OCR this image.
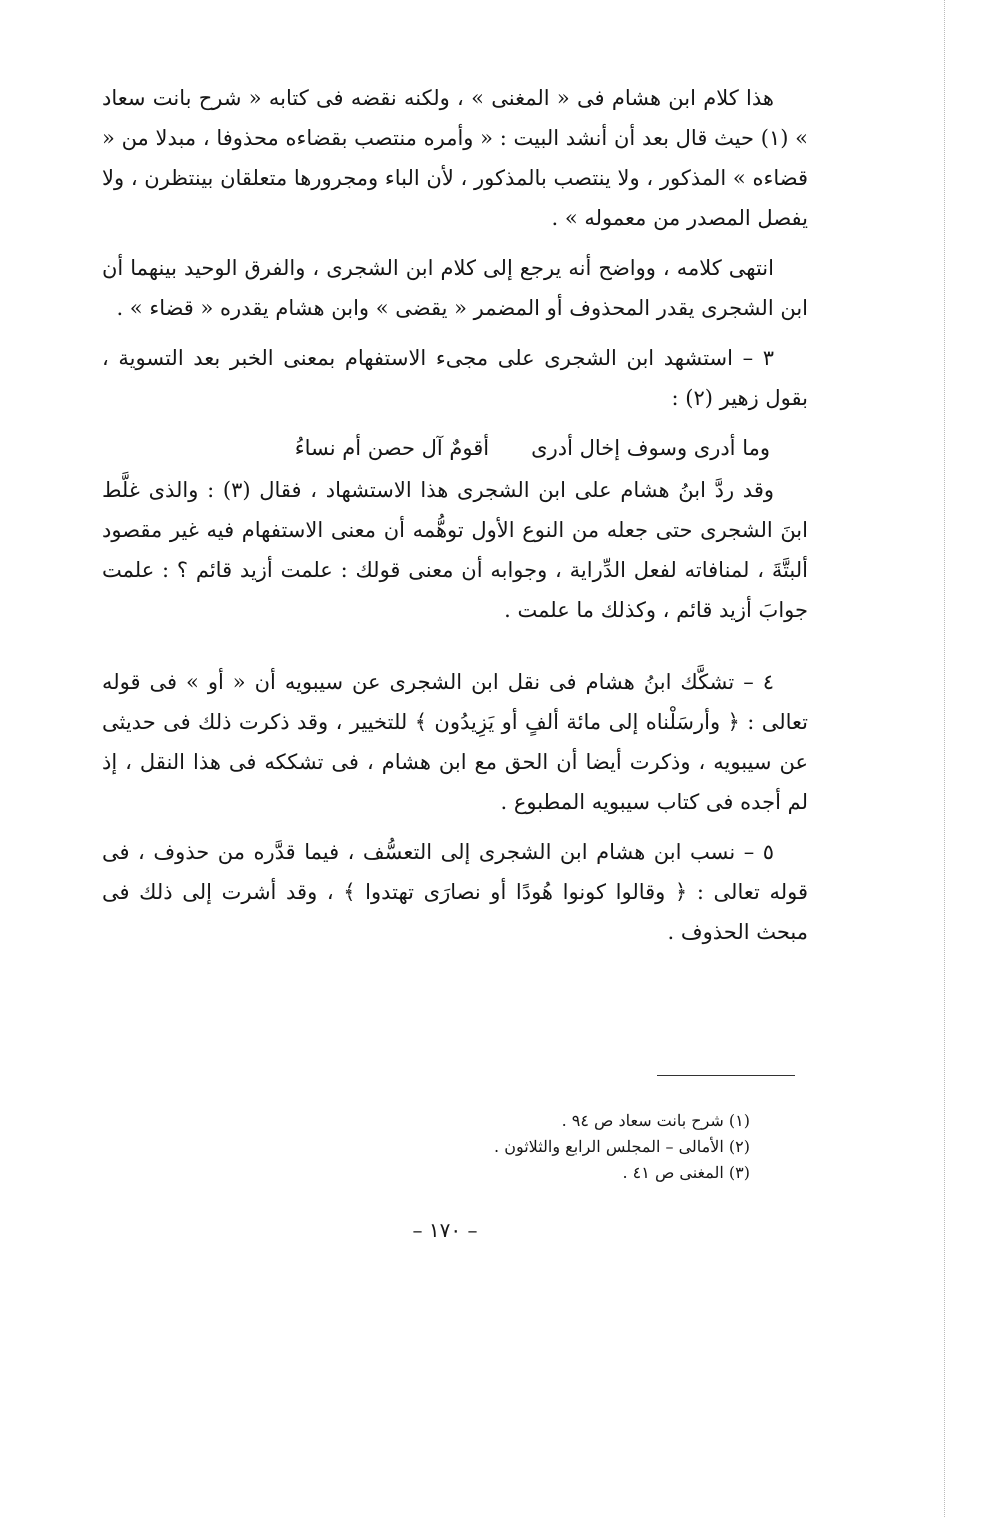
هذا كلام ابن هشام فى « المغنى » ، ولكنه نقضه فى كتابه « شرح بانت سعاد » (١) حيث قال بعد أن أنشد البيت : « وأمره منتصب بقضاءه محذوفا ، مبدلا من « قضاءه » المذكور ، ولا ينتصب بالمذكور ، لأن الباء ومجرورها متعلقان بينتظرن ، ولا يفصل المصدر من معموله » .

انتهى كلامه ، وواضح أنه يرجع إلى كلام ابن الشجرى ، والفرق الوحيد بينهما أن ابن الشجرى يقدر المحذوف أو المضمر « يقضى » وابن هشام يقدره « قضاء » .

٣ – استشهد ابن الشجرى على مجىء الاستفهام بمعنى الخبر بعد التسوية ، بقول زهير (٢) :

وما أدرى وسوف إخال أدرى
أقومٌ آل حصن أم نساءُ

وقد ردَّ ابنُ هشام على ابن الشجرى هذا الاستشهاد ، فقال (٣) : والذى غلَّط ابنَ الشجرى حتى جعله من النوع الأول توهُّمه أن معنى الاستفهام فيه غير مقصود ألبتَّةَ ، لمنافاته لفعل الدِّراية ، وجوابه أن معنى قولك : علمت أزيد قائم ؟ : علمت جوابَ أزيد قائم ، وكذلك ما علمت .

٤ – تشكَّك ابنُ هشام فى نقل ابن الشجرى عن سيبويه أن « أو » فى قوله تعالى : ﴿ وأرسَلْناه إلى مائة ألفٍ أو يَزِيدُون ﴾ للتخيير ، وقد ذكرت ذلك فى حديثى عن سيبويه ، وذكرت أيضا أن الحق مع ابن هشام ، فى تشككه فى هذا النقل ، إذ لم أجده فى كتاب سيبويه المطبوع .

٥ – نسب ابن هشام ابن الشجرى إلى التعسُّف ، فيما قدَّره من حذوف ، فى قوله تعالى : ﴿ وقالوا كونوا هُودًا أو نصارَى تهتدوا ﴾ ، وقد أشرت إلى ذلك فى مبحث الحذوف .

(١) شرح بانت سعاد ص ٩٤ .
(٢) الأمالى – المجلس الرابع والثلاثون .
(٣) المغنى ص ٤١ .
– ١٧٠ –
